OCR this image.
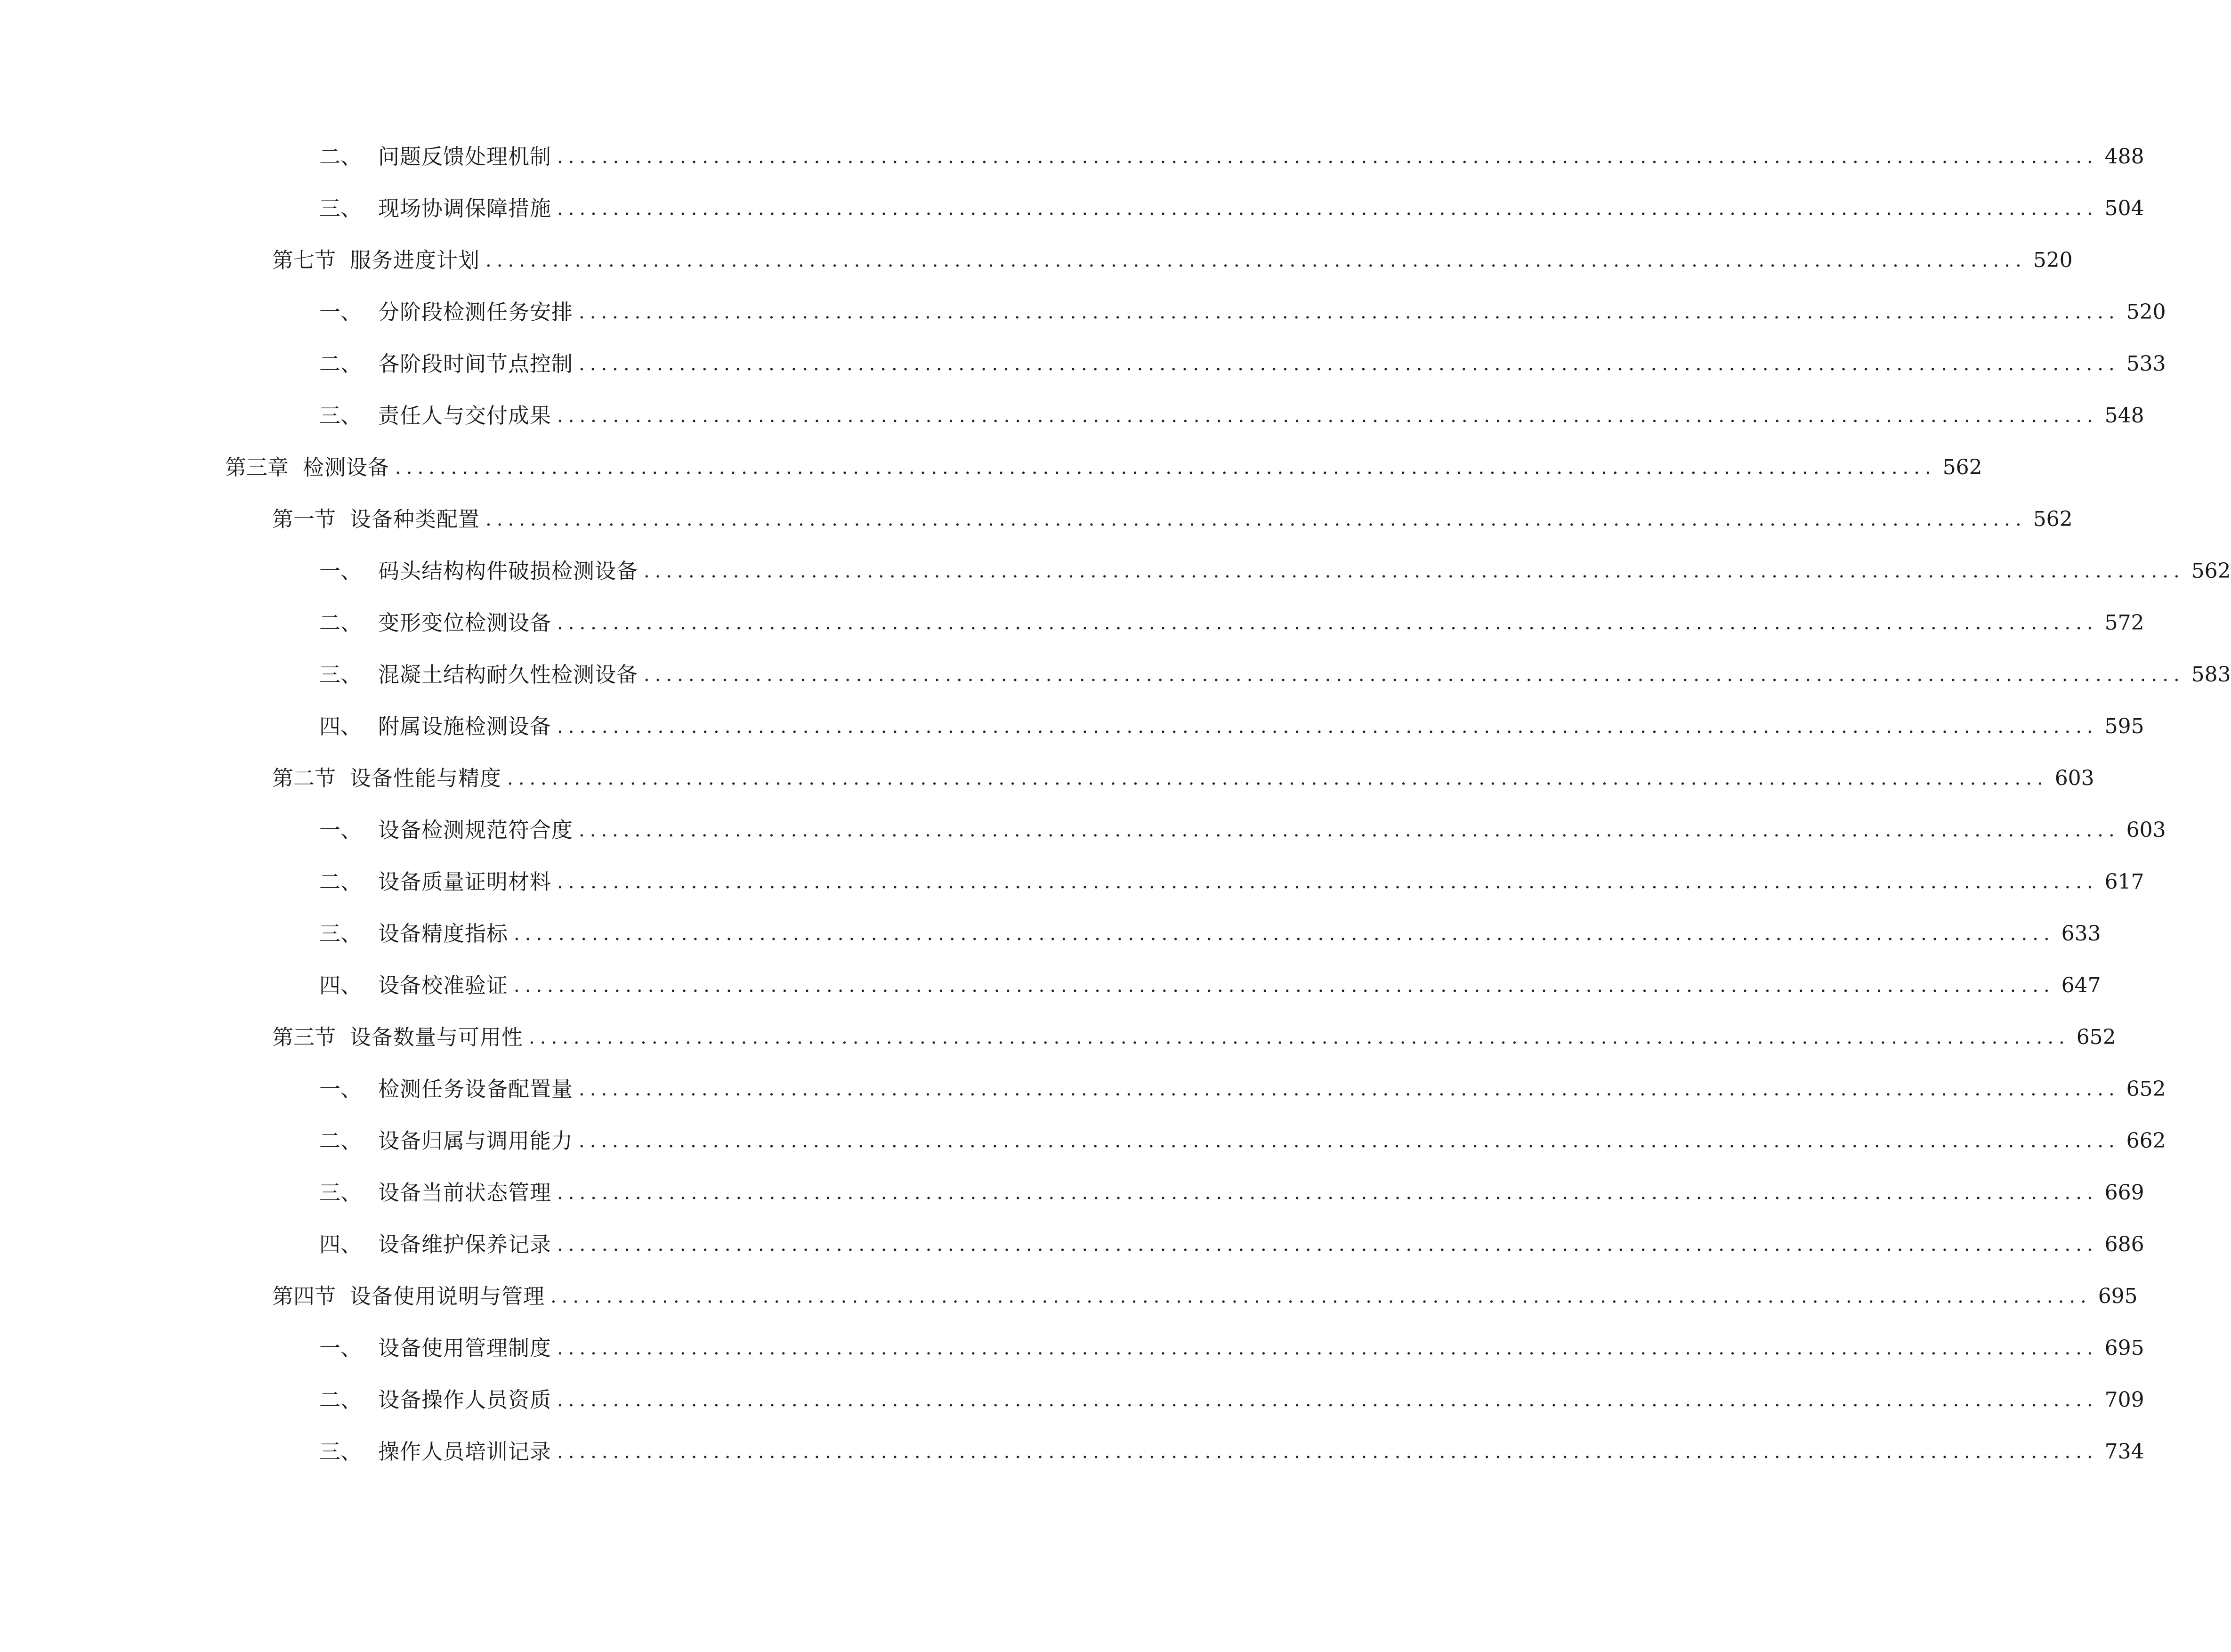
二、 问题反馈处理机制 .......................................................................................................................................... 488
三、 现场协调保障措施 .......................................................................................................................................... 504
第七节 服务进度计划 .......................................................................................................................................... 520
一、 分阶段检测任务安排 .......................................................................................................................................... 520
二、 各阶段时间节点控制 .......................................................................................................................................... 533
三、 责任人与交付成果 .......................................................................................................................................... 548
第三章 检测设备 .......................................................................................................................................... 562
第一节 设备种类配置 .......................................................................................................................................... 562
一、 码头结构构件破损检测设备 .......................................................................................................................................... 562
二、 变形变位检测设备 .......................................................................................................................................... 572
三、 混凝土结构耐久性检测设备 .......................................................................................................................................... 583
四、 附属设施检测设备 .......................................................................................................................................... 595
第二节 设备性能与精度 .......................................................................................................................................... 603
一、 设备检测规范符合度 .......................................................................................................................................... 603
二、 设备质量证明材料 .......................................................................................................................................... 617
三、 设备精度指标 .......................................................................................................................................... 633
四、 设备校准验证 .......................................................................................................................................... 647
第三节 设备数量与可用性 .......................................................................................................................................... 652
一、 检测任务设备配置量 .......................................................................................................................................... 652
二、 设备归属与调用能力 .......................................................................................................................................... 662
三、 设备当前状态管理 .......................................................................................................................................... 669
四、 设备维护保养记录 .......................................................................................................................................... 686
第四节 设备使用说明与管理 .......................................................................................................................................... 695
一、 设备使用管理制度 .......................................................................................................................................... 695
二、 设备操作人员资质 .......................................................................................................................................... 709
三、 操作人员培训记录 .......................................................................................................................................... 734
